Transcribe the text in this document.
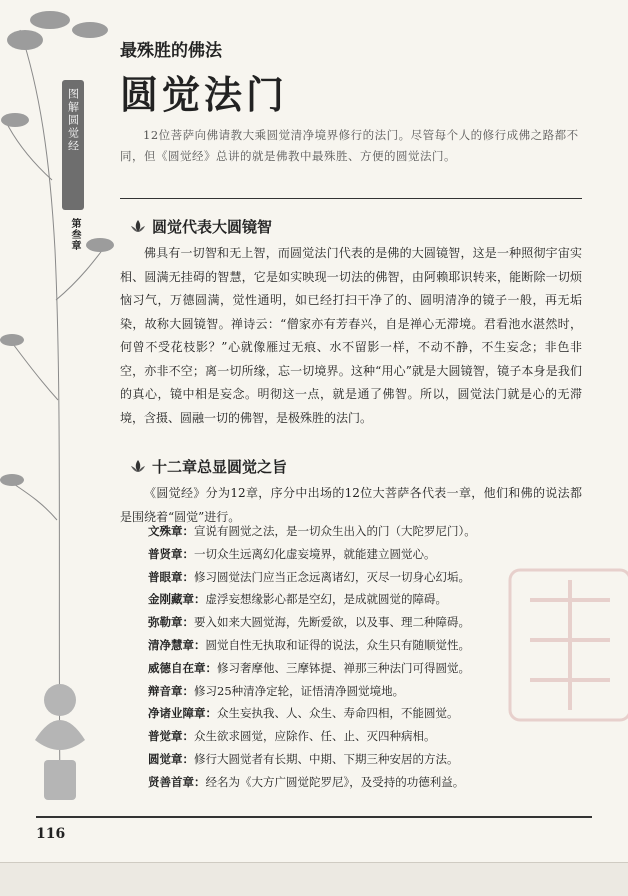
图解圆觉经
第叁章
最殊胜的佛法
圆觉法门
12位菩萨向佛请教大乘圆觉清净境界修行的法门。尽管每个人的修行成佛之路都不同，但《圆觉经》总讲的就是佛教中最殊胜、方便的圆觉法门。
圆觉代表大圆镜智
佛具有一切智和无上智，而圆觉法门代表的是佛的大圆镜智，这是一种照彻宇宙实相、圆满无挂碍的智慧，它是如实映现一切法的佛智，由阿赖耶识转来，能断除一切烦恼习气，万德圆满，觉性通明，如已经打扫干净了的、圆明清净的镜子一般，再无垢染，故称大圆镜智。禅诗云：“僧家亦有芳春兴，自是禅心无滞境。君看池水湛然时，何曾不受花枝影？”心就像雁过无痕、水不留影一样，不动不静，不生妄念；非色非空，亦非不空；离一切所缘，忘一切境界。这种“用心”就是大圆镜智，镜子本身是我们的真心，镜中相是妄念。明彻这一点，就是通了佛智。所以，圆觉法门就是心的无滞境，含摄、圆融一切的佛智，是极殊胜的法门。
十二章总显圆觉之旨
《圆觉经》分为12章，序分中出场的12位大菩萨各代表一章，他们和佛的说法都是围绕着“圆觉”进行。
文殊章：宣说有圆觉之法，是一切众生出入的门（大陀罗尼门）。
普贤章：一切众生远离幻化虚妄境界，就能建立圆觉心。
普眼章：修习圆觉法门应当正念远离诸幻，灭尽一切身心幻垢。
金刚藏章：虚浮妄想缘影心都是空幻，是成就圆觉的障碍。
弥勒章：要入如来大圆觉海，先断爱欲，以及事、理二种障碍。
清净慧章：圆觉自性无执取和证得的说法，众生只有随顺觉性。
威德自在章：修习奢摩他、三摩钵提、禅那三种法门可得圆觉。
辩音章：修习25种清净定轮，证悟清净圆觉境地。
净诸业障章：众生妄执我、人、众生、寿命四相，不能圆觉。
普觉章：众生欲求圆觉，应除作、任、止、灭四种病相。
圆觉章：修行大圆觉者有长期、中期、下期三种安居的方法。
贤善首章：经名为《大方广圆觉陀罗尼》，及受持的功德利益。
116
